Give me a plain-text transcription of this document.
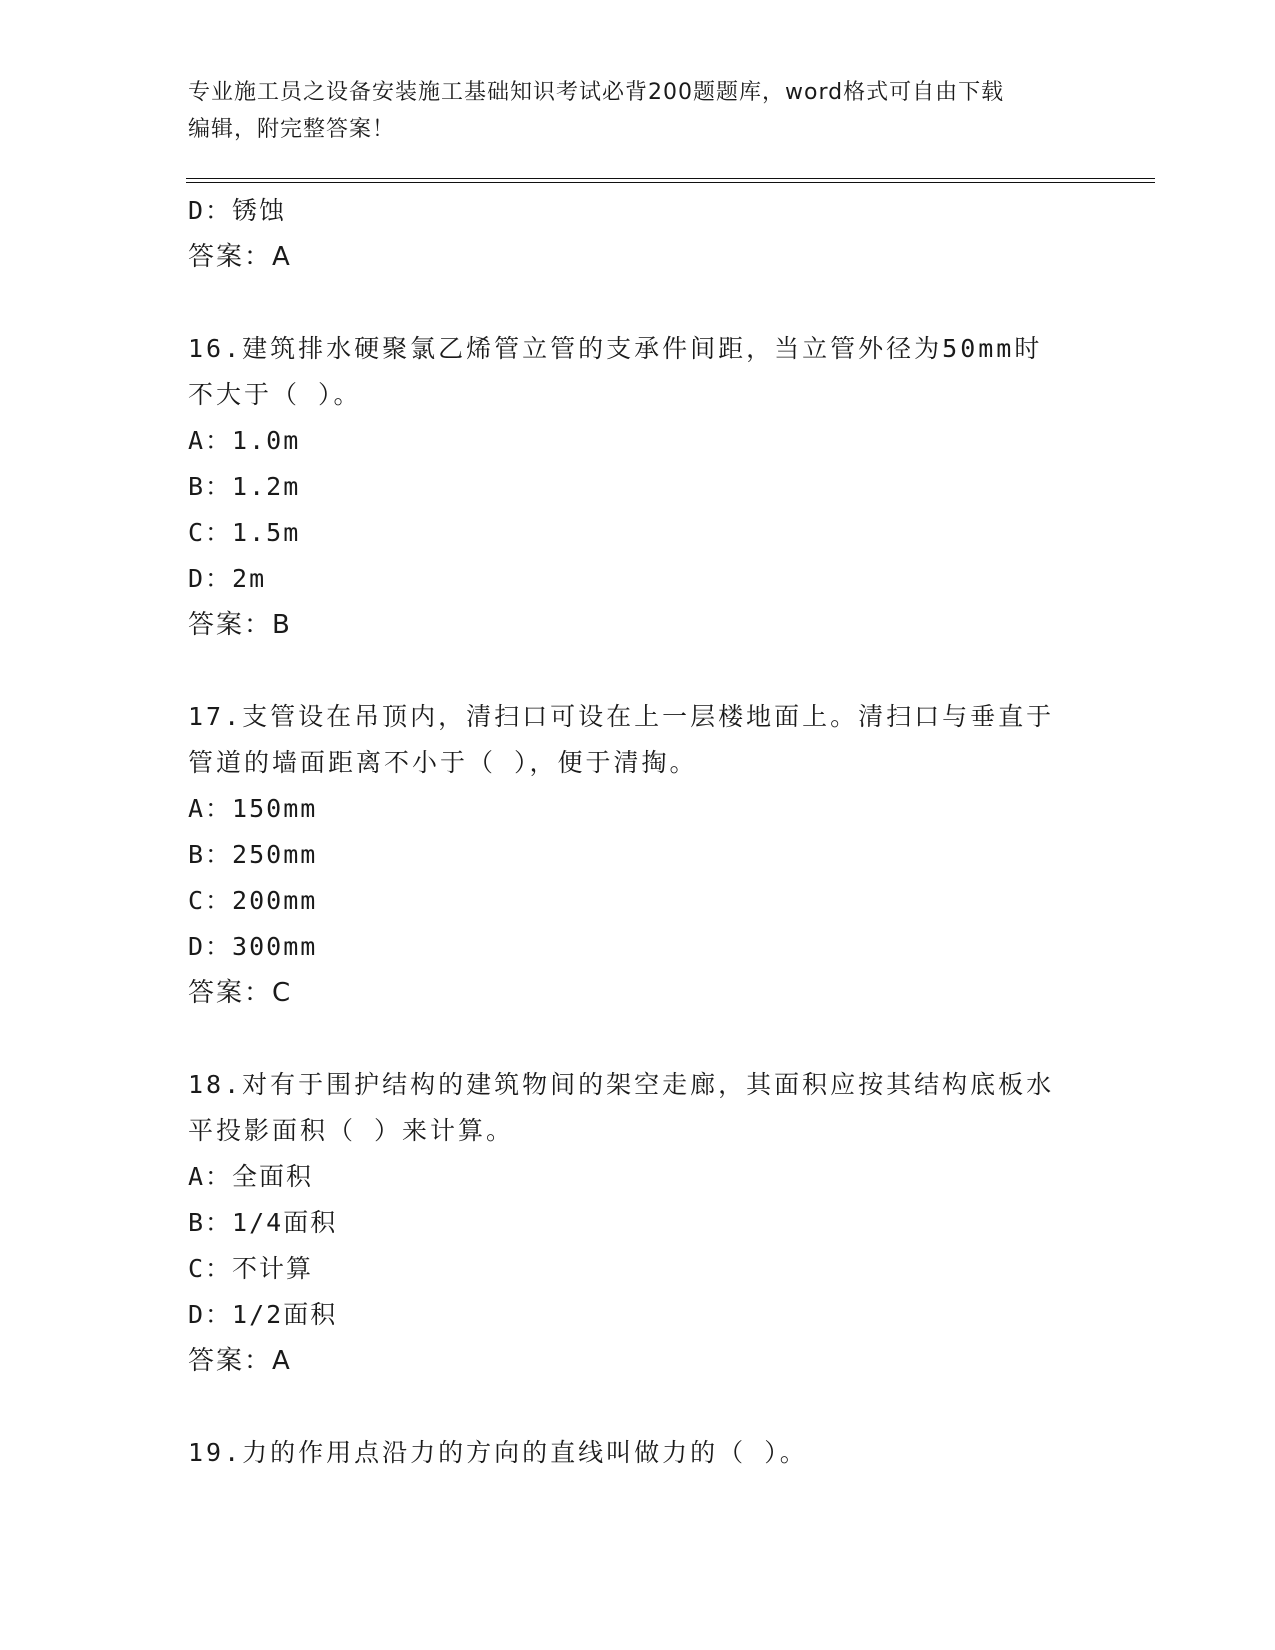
专业施工员之设备安装施工基础知识考试必背200题题库，word格式可自由下载
编辑，附完整答案！
D：锈蚀
答案：A
16.建筑排水硬聚氯乙烯管立管的支承件间距，当立管外径为50mm时
不大于（ ）。
A：1.0m
B：1.2m
C：1.5m
D：2m
答案：B
17.支管设在吊顶内，清扫口可设在上一层楼地面上。清扫口与垂直于
管道的墙面距离不小于（ ），便于清掏。
A：150mm
B：250mm
C：200mm
D：300mm
答案：C
18.对有于围护结构的建筑物间的架空走廊，其面积应按其结构底板水
平投影面积（ ）来计算。
A：全面积
B：1/4面积
C：不计算
D：1/2面积
答案：A
19.力的作用点沿力的方向的直线叫做力的（ ）。
